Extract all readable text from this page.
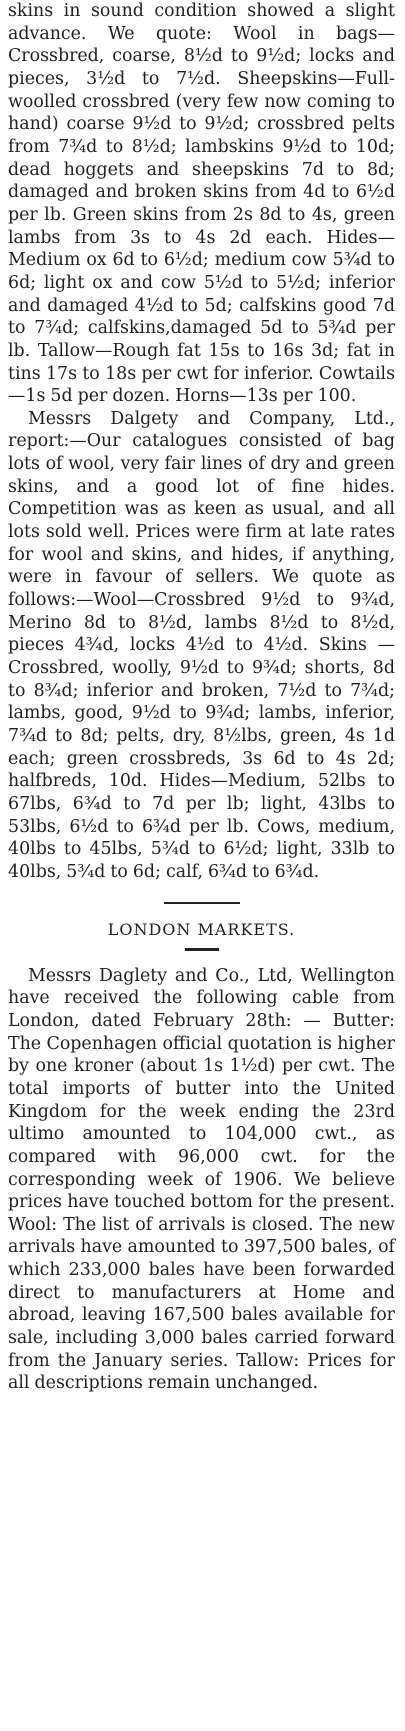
skins in sound condition showed a slight advance. We quote: Wool in bags—Crossbred, coarse, 8½d to 9½d; locks and pieces, 3½d to 7½d. Sheepskins—Full-woolled crossbred (very few now coming to hand) coarse 9½d to 9½d; crossbred pelts from 7¾d to 8½d; lambskins 9½d to 10d; dead hoggets and sheepskins 7d to 8d; damaged and broken skins from 4d to 6½d per lb. Green skins from 2s 8d to 4s, green lambs from 3s to 4s 2d each. Hides—Medium ox 6d to 6½d; medium cow 5¾d to 6d; light ox and cow 5½d to 5½d; inferior and damaged 4½d to 5d; calfskins good 7d to 7¾d; calfskins,damaged 5d to 5¾d per lb. Tallow—Rough fat 15s to 16s 3d; fat in tins 17s to 18s per cwt for inferior. Cowtails—1s 5d per dozen. Horns—13s per 100.

Messrs Dalgety and Company, Ltd., report:—Our catalogues consisted of bag lots of wool, very fair lines of dry and green skins, and a good lot of fine hides. Competition was as keen as usual, and all lots sold well. Prices were firm at late rates for wool and skins, and hides, if anything, were in favour of sellers. We quote as follows:—Wool—Crossbred 9½d to 9¾d, Merino 8d to 8½d, lambs 8½d to 8½d, pieces 4¾d, locks 4½d to 4½d. Skins — Crossbred, woolly, 9½d to 9¾d; shorts, 8d to 8¾d; inferior and broken, 7½d to 7¾d; lambs, good, 9½d to 9¾d; lambs, inferior, 7¾d to 8d; pelts, dry, 8½lbs, green, 4s 1d each; green crossbreds, 3s 6d to 4s 2d; halfbreds, 10d. Hides—Medium, 52lbs to 67lbs, 6¾d to 7d per lb; light, 43lbs to 53lbs, 6½d to 6¾d per lb. Cows, medium, 40lbs to 45lbs, 5¾d to 6½d; light, 33lb to 40lbs, 5¾d to 6d; calf, 6¾d to 6¾d.

LONDON MARKETS.

Messrs Daglety and Co., Ltd, Wellington have received the following cable from London, dated February 28th: — Butter: The Copenhagen official quotation is higher by one kroner (about 1s 1½d) per cwt. The total imports of butter into the United Kingdom for the week ending the 23rd ultimo amounted to 104,000 cwt., as compared with 96,000 cwt. for the corresponding week of 1906. We believe prices have touched bottom for the present. Wool: The list of arrivals is closed. The new arrivals have amounted to 397,500 bales, of which 233,000 bales have been forwarded direct to manufacturers at Home and abroad, leaving 167,500 bales available for sale, including 3,000 bales carried forward from the January series. Tallow: Prices for all descriptions remain unchanged.
